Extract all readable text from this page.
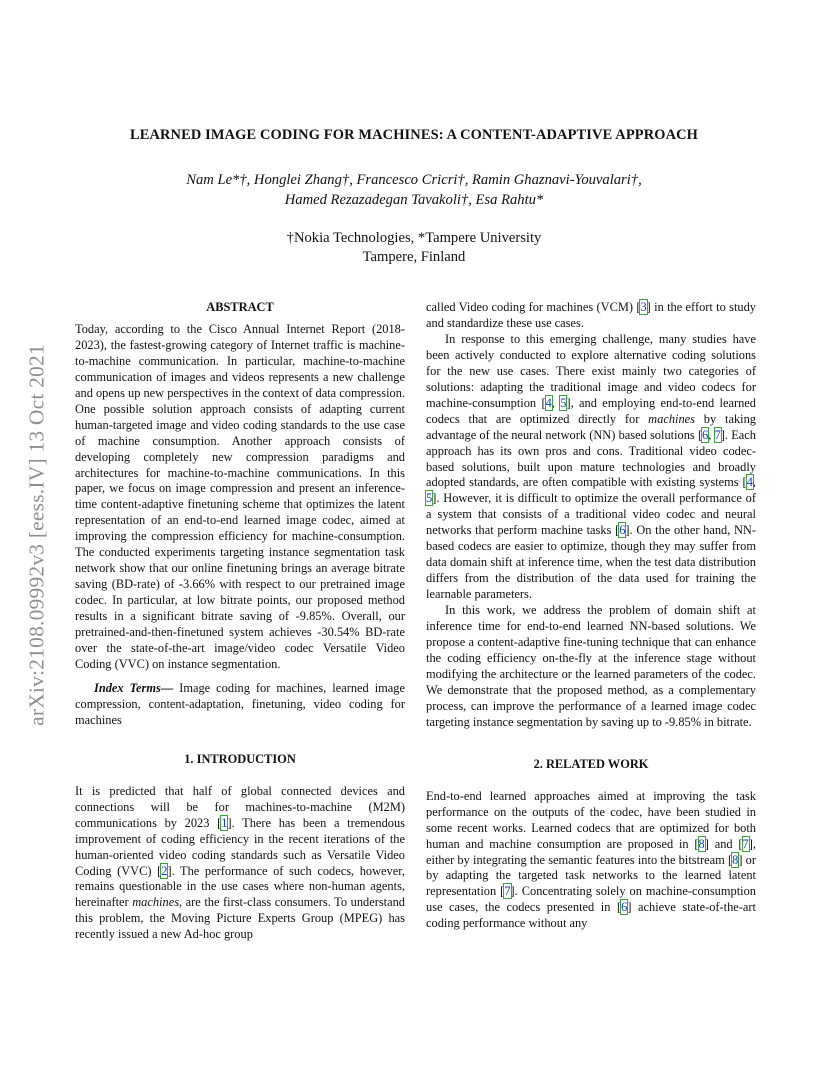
arXiv:2108.09992v3 [eess.IV] 13 Oct 2021
LEARNED IMAGE CODING FOR MACHINES: A CONTENT-ADAPTIVE APPROACH
Nam Le*†, Honglei Zhang†, Francesco Cricri†, Ramin Ghaznavi-Youvalari†,
Hamed Rezazadegan Tavakoli†, Esa Rahtu*
†Nokia Technologies, *Tampere University
Tampere, Finland
ABSTRACT

Today, according to the Cisco Annual Internet Report (2018-2023), the fastest-growing category of Internet traffic is machine-to-machine communication. In particular, machine-to-machine communication of images and videos represents a new challenge and opens up new perspectives in the context of data compression. One possible solution approach consists of adapting current human-targeted image and video coding standards to the use case of machine consumption. Another approach consists of developing completely new compression paradigms and architectures for machine-to-machine communications. In this paper, we focus on image compression and present an inference-time content-adaptive finetuning scheme that optimizes the latent representation of an end-to-end learned image codec, aimed at improving the compression efficiency for machine-consumption. The conducted experiments targeting instance segmentation task network show that our online finetuning brings an average bitrate saving (BD-rate) of -3.66% with respect to our pretrained image codec. In particular, at low bitrate points, our proposed method results in a significant bitrate saving of -9.85%. Overall, our pretrained-and-then-finetuned system achieves -30.54% BD-rate over the state-of-the-art image/video codec Versatile Video Coding (VVC) on instance segmentation.

Index Terms— Image coding for machines, learned image compression, content-adaptation, finetuning, video coding for machines

1. INTRODUCTION

It is predicted that half of global connected devices and connections will be for machines-to-machine (M2M) communications by 2023 [1]. There has been a tremendous improvement of coding efficiency in the recent iterations of the human-oriented video coding standards such as Versatile Video Coding (VVC) [2]. The performance of such codecs, however, remains questionable in the use cases where non-human agents, hereinafter machines, are the first-class consumers. To understand this problem, the Moving Picture Experts Group (MPEG) has recently issued a new Ad-hoc group

called Video coding for machines (VCM) [3] in the effort to study and standardize these use cases.

In response to this emerging challenge, many studies have been actively conducted to explore alternative coding solutions for the new use cases. There exist mainly two categories of solutions: adapting the traditional image and video codecs for machine-consumption [4, 5], and employing end-to-end learned codecs that are optimized directly for machines by taking advantage of the neural network (NN) based solutions [6, 7]. Each approach has its own pros and cons. Traditional video codec-based solutions, built upon mature technologies and broadly adopted standards, are often compatible with existing systems [4, 5]. However, it is difficult to optimize the overall performance of a system that consists of a traditional video codec and neural networks that perform machine tasks [6]. On the other hand, NN-based codecs are easier to optimize, though they may suffer from data domain shift at inference time, when the test data distribution differs from the distribution of the data used for training the learnable parameters.

In this work, we address the problem of domain shift at inference time for end-to-end learned NN-based solutions. We propose a content-adaptive fine-tuning technique that can enhance the coding efficiency on-the-fly at the inference stage without modifying the architecture or the learned parameters of the codec. We demonstrate that the proposed method, as a complementary process, can improve the performance of a learned image codec targeting instance segmentation by saving up to -9.85% in bitrate.

2. RELATED WORK

End-to-end learned approaches aimed at improving the task performance on the outputs of the codec, have been studied in some recent works. Learned codecs that are optimized for both human and machine consumption are proposed in [8] and [7], either by integrating the semantic features into the bitstream [8] or by adapting the targeted task networks to the learned latent representation [7]. Concentrating solely on machine-consumption use cases, the codecs presented in [6] achieve state-of-the-art coding performance without any
